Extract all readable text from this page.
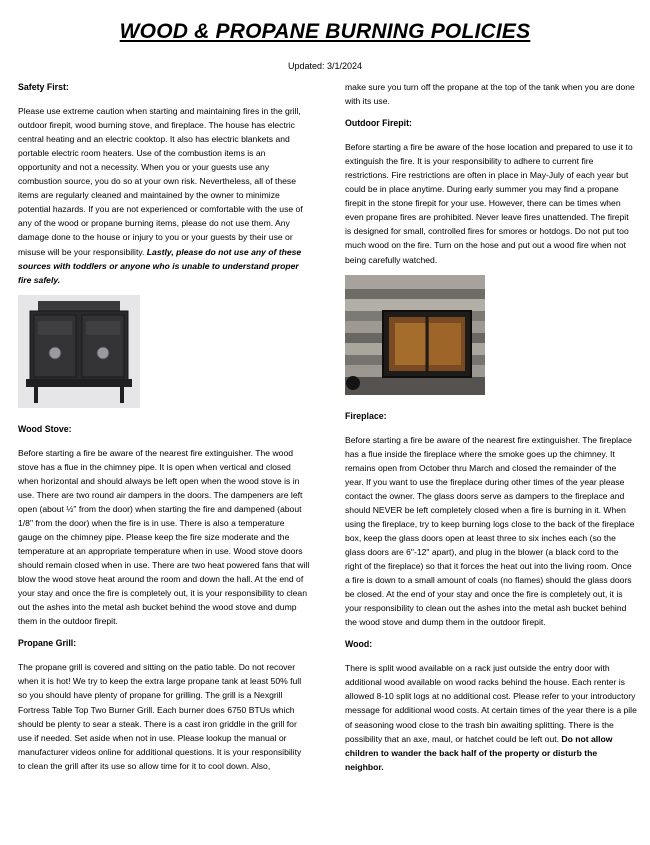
WOOD & PROPANE BURNING POLICIES
Updated: 3/1/2024
Safety First:
Please use extreme caution when starting and maintaining fires in the grill, outdoor firepit, wood burning stove, and fireplace. The house has electric central heating and an electric cooktop. It also has electric blankets and portable electric room heaters. Use of the combustion items is an opportunity and not a necessity. When you or your guests use any combustion source, you do so at your own risk. Nevertheless, all of these items are regularly cleaned and maintained by the owner to minimize potential hazards. If you are not experienced or comfortable with the use of any of the wood or propane burning items, please do not use them. Any damage done to the house or injury to you or your guests by their use or misuse will be your responsibility. Lastly, please do not use any of these sources with toddlers or anyone who is unable to understand proper fire safely.
Wood Stove:
Before starting a fire be aware of the nearest fire extinguisher. The wood stove has a flue in the chimney pipe. It is open when vertical and closed when horizontal and should always be left open when the wood stove is in use. There are two round air dampers in the doors. The dampeners are left open (about ½" from the door) when starting the fire and dampened (about 1/8" from the door) when the fire is in use. There is also a temperature gauge on the chimney pipe. Please keep the fire size moderate and the temperature at an appropriate temperature when in use. Wood stove doors should remain closed when in use. There are two heat powered fans that will blow the wood stove heat around the room and down the hall. At the end of your stay and once the fire is completely out, it is your responsibility to clean out the ashes into the metal ash bucket behind the wood stove and dump them in the outdoor firepit.
Propane Grill:
The propane grill is covered and sitting on the patio table. Do not recover when it is hot! We try to keep the extra large propane tank at least 50% full so you should have plenty of propane for grilling. The grill is a Nexgrill Fortress Table Top Two Burner Grill. Each burner does 6750 BTUs which should be plenty to sear a steak. There is a cast iron griddle in the grill for use if needed. Set aside when not in use. Please lookup the manual or manufacturer videos online for additional questions. It is your responsibility to clean the grill after its use so allow time for it to cool down. Also,
make sure you turn off the propane at the top of the tank when you are done with its use.
Outdoor Firepit:
Before starting a fire be aware of the hose location and prepared to use it to extinguish the fire. It is your responsibility to adhere to current fire restrictions. Fire restrictions are often in place in May-July of each year but could be in place anytime. During early summer you may find a propane firepit in the stone firepit for your use. However, there can be times when even propane fires are prohibited. Never leave fires unattended. The firepit is designed for small, controlled fires for smores or hotdogs. Do not put too much wood on the fire. Turn on the hose and put out a wood fire when not being carefully watched.
Fireplace:
Before starting a fire be aware of the nearest fire extinguisher. The fireplace has a flue inside the fireplace where the smoke goes up the chimney. It remains open from October thru March and closed the remainder of the year. If you want to use the fireplace during other times of the year please contact the owner. The glass doors serve as dampers to the fireplace and should NEVER be left completely closed when a fire is burning in it. When using the fireplace, try to keep burning logs close to the back of the fireplace box, keep the glass doors open at least three to six inches each (so the glass doors are 6"-12" apart), and plug in the blower (a black cord to the right of the fireplace) so that it forces the heat out into the living room. Once a fire is down to a small amount of coals (no flames) should the glass doors be closed. At the end of your stay and once the fire is completely out, it is your responsibility to clean out the ashes into the metal ash bucket behind the wood stove and dump them in the outdoor firepit.
Wood:
There is split wood available on a rack just outside the entry door with additional wood available on wood racks behind the house. Each renter is allowed 8-10 split logs at no additional cost. Please refer to your introductory message for additional wood costs. At certain times of the year there is a pile of seasoning wood close to the trash bin awaiting splitting. There is the possibility that an axe, maul, or hatchet could be left out. Do not allow children to wander the back half of the property or disturb the neighbor.
